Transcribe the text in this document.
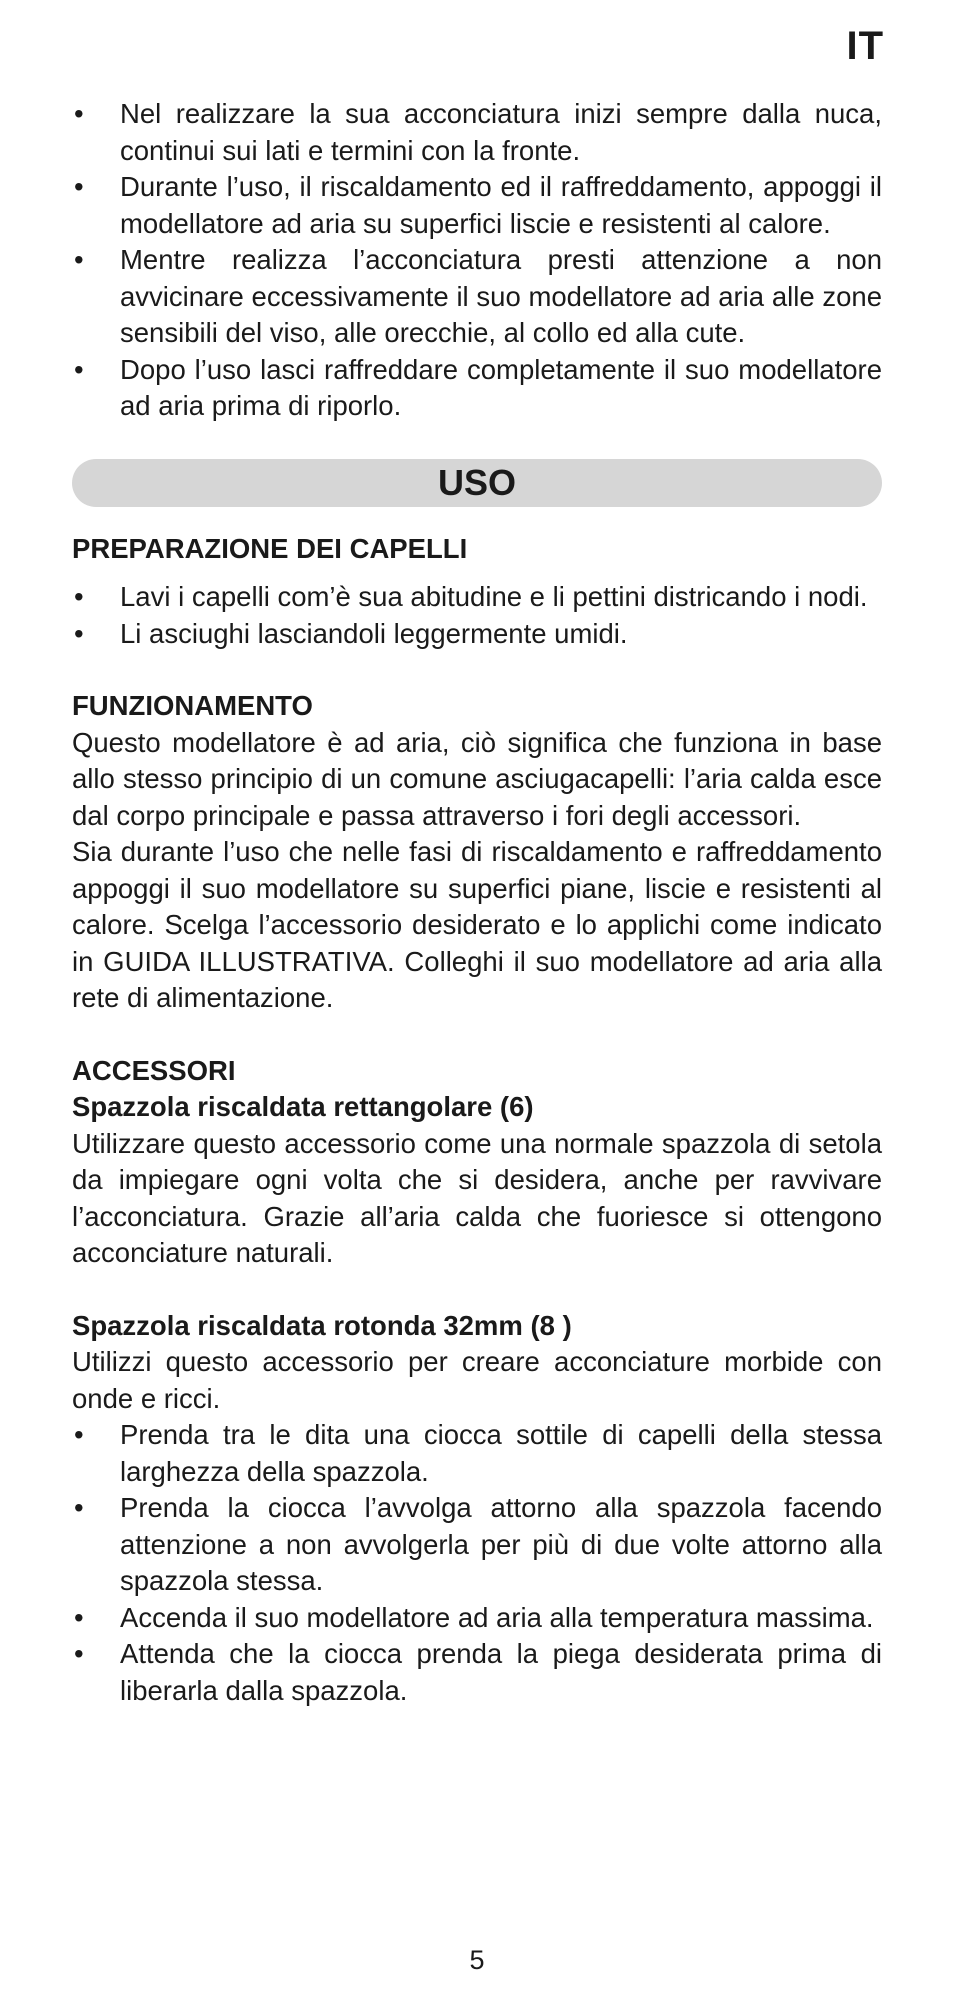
IT
• Nel realizzare la sua acconciatura inizi sempre dalla nuca, continui sui lati e termini con la fronte.
• Durante l’uso, il riscaldamento ed il raffreddamento, appoggi il modellatore ad aria su superfici liscie e resistenti al calore.
• Mentre realizza l’acconciatura presti attenzione a non avvicinare eccessivamente il suo modellatore ad aria alle zone sensibili del viso, alle orecchie, al collo ed alla cute.
• Dopo l’uso lasci raffreddare completamente il suo modellatore ad aria prima di riporlo.
USO
PREPARAZIONE DEI CAPELLI
• Lavi i capelli com’è sua abitudine e li pettini districando i nodi.
• Li asciughi lasciandoli leggermente umidi.
FUNZIONAMENTO

Questo modellatore è ad aria, ciò significa che funziona in base allo stesso principio di un comune asciugacapelli: l’aria calda esce dal corpo principale e passa attraverso i fori degli accessori.

Sia durante l’uso che nelle fasi di riscaldamento e raffreddamento appoggi il suo modellatore su superfici piane, liscie e resistenti al calore. Scelga l’accessorio desiderato e lo applichi come indicato in GUIDA ILLUSTRATIVA. Colleghi il suo modellatore ad aria alla rete di alimentazione.

ACCESSORI
Spazzola riscaldata rettangolare (6)

Utilizzare questo accessorio come una normale spazzola di setola da impiegare ogni volta che si desidera, anche per ravvivare l’acconciatura. Grazie all’aria calda che fuoriesce si ottengono acconciature naturali.

Spazzola riscaldata rotonda 32mm (8 )

Utilizzi questo accessorio per creare acconciature morbide con onde e ricci.

• Prenda tra le dita una ciocca sottile di capelli della stessa larghezza della spazzola.
• Prenda la ciocca l’avvolga attorno alla spazzola facendo attenzione a non avvolgerla per più di due volte attorno alla spazzola stessa.
• Accenda il suo modellatore ad aria alla temperatura massima.
• Attenda che la ciocca prenda la piega desiderata prima di liberarla dalla spazzola.
5
